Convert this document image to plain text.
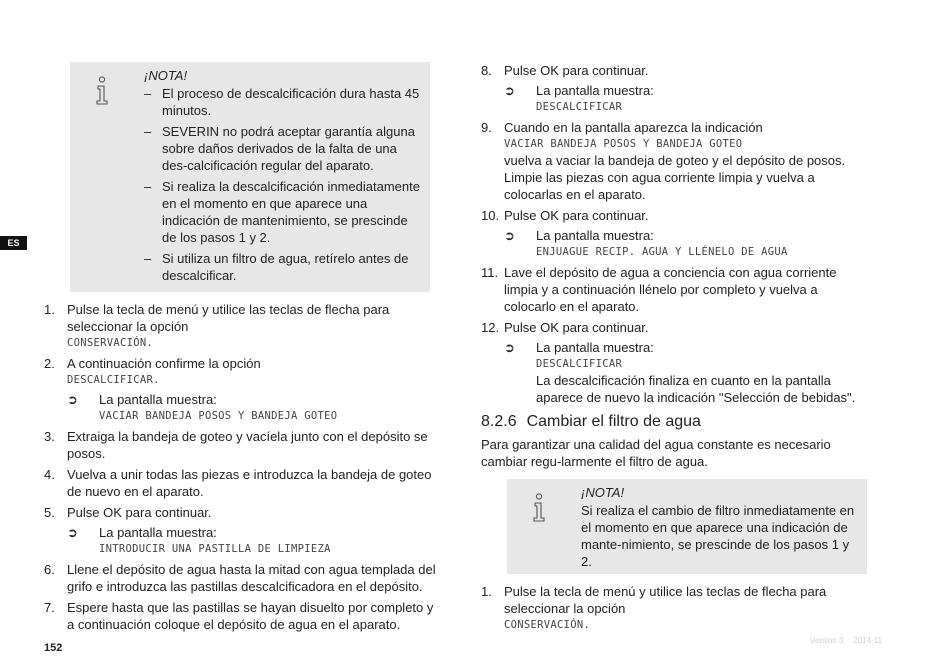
ES
¡NOTA!
– El proceso de descalcificación dura hasta 45 minutos.
– SEVERIN no podrá aceptar garantía alguna sobre daños derivados de la falta de una des-calcificación regular del aparato.
– Si realiza la descalcificación inmediatamente en el momento en que aparece una indicación de mantenimiento, se prescinde de los pasos 1 y 2.
– Si utiliza un filtro de agua, retírelo antes de descalcificar.
1. Pulse la tecla de menú y utilice las teclas de flecha para seleccionar la opción
CONSERVACIÓN.
2. A continuación confirme la opción
DESCALCIFICAR.
➲ La pantalla muestra:
VACIAR BANDEJA POSOS Y BANDEJA GOTEO
3. Extraiga la bandeja de goteo y vacíela junto con el depósito se posos.
4. Vuelva a unir todas las piezas e introduzca la bandeja de goteo de nuevo en el aparato.
5. Pulse OK para continuar.
➲ La pantalla muestra:
INTRODUCIR UNA PASTILLA DE LIMPIEZA
6. Llene el depósito de agua hasta la mitad con agua templada del grifo e introduzca las pastillas descalcificadora en el depósito.
7. Espere hasta que las pastillas se hayan disuelto por completo y a continuación coloque el depósito de agua en el aparato.
8. Pulse OK para continuar.
➲ La pantalla muestra:
DESCALCIFICAR
9. Cuando en la pantalla aparezca la indicación
VACIAR BANDEJA POSOS Y BANDEJA GOTEO
vuelva a vaciar la bandeja de goteo y el depósito de posos. Limpie las piezas con agua corriente limpia y vuelva a colocarlas en el aparato.
10. Pulse OK para continuar.
➲ La pantalla muestra:
ENJUAGUE RECIP. AGUA Y LLÉNELO DE AGUA
11. Lave el depósito de agua a conciencia con agua corriente limpia y a continuación llénelo por completo y vuelva a colocarlo en el aparato.
12. Pulse OK para continuar.
➲ La pantalla muestra:
DESCALCIFICAR
La descalcificación finaliza en cuanto en la pantalla aparece de nuevo la indicación "Selección de bebidas".
8.2.6 Cambiar el filtro de agua
Para garantizar una calidad del agua constante es necesario cambiar regu-larmente el filtro de agua.
¡NOTA!
Si realiza el cambio de filtro inmediatamente en el momento en que aparece una indicación de mante-nimiento, se prescinde de los pasos 1 y 2.
1. Pulse la tecla de menú y utilice las teclas de flecha para seleccionar la opción
CONSERVACIÓN.
152
Version 3 2014-11
